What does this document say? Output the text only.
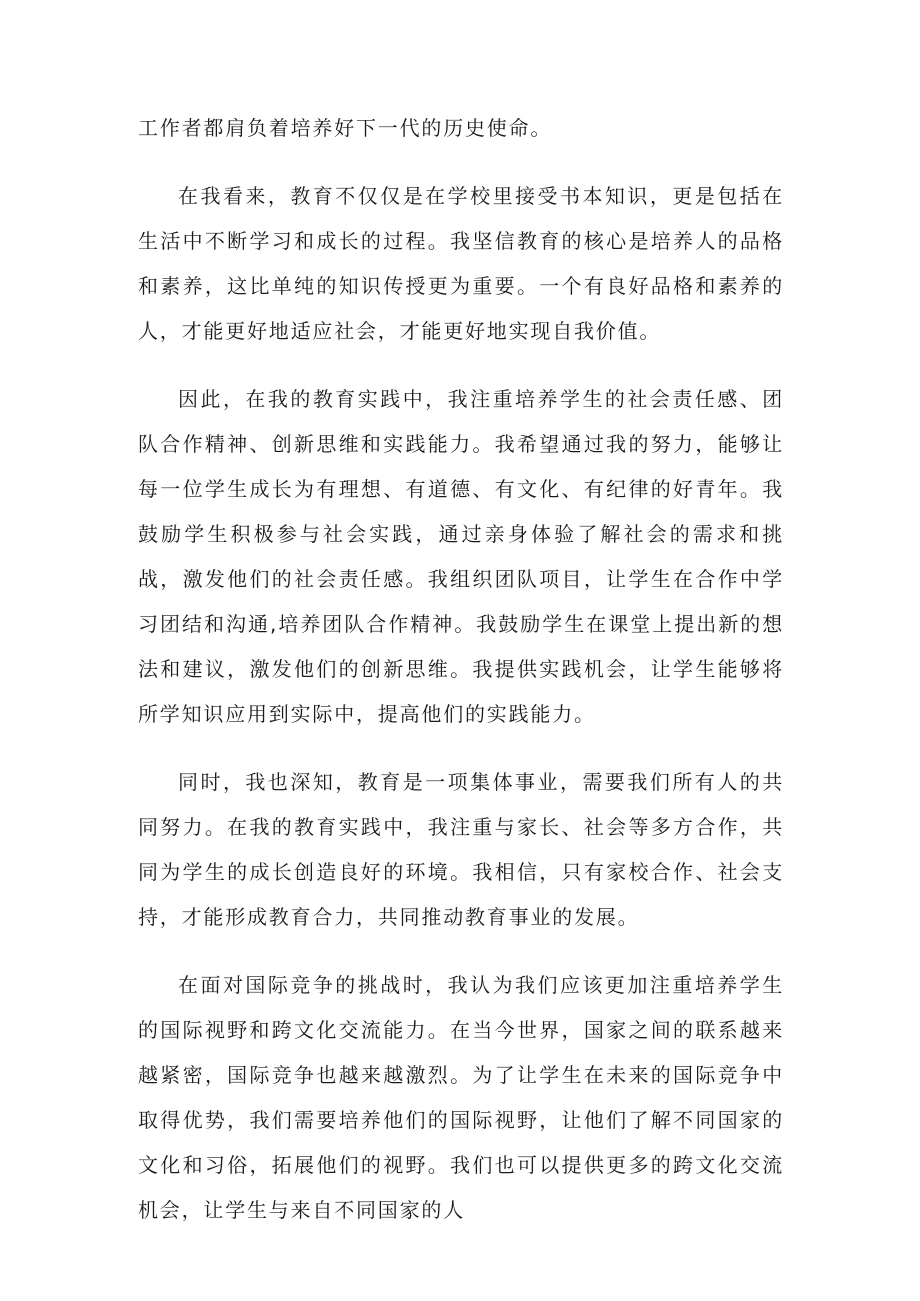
工作者都肩负着培养好下一代的历史使命。

在我看来，教育不仅仅是在学校里接受书本知识，更是包括在生活中不断学习和成长的过程。我坚信教育的核心是培养人的品格和素养，这比单纯的知识传授更为重要。一个有良好品格和素养的人，才能更好地适应社会，才能更好地实现自我价值。

因此，在我的教育实践中，我注重培养学生的社会责任感、团队合作精神、创新思维和实践能力。我希望通过我的努力，能够让每一位学生成长为有理想、有道德、有文化、有纪律的好青年。我鼓励学生积极参与社会实践，通过亲身体验了解社会的需求和挑战，激发他们的社会责任感。我组织团队项目，让学生在合作中学习团结和沟通,培养团队合作精神。我鼓励学生在课堂上提出新的想法和建议，激发他们的创新思维。我提供实践机会，让学生能够将所学知识应用到实际中，提高他们的实践能力。

同时，我也深知，教育是一项集体事业，需要我们所有人的共同努力。在我的教育实践中，我注重与家长、社会等多方合作，共同为学生的成长创造良好的环境。我相信，只有家校合作、社会支持，才能形成教育合力，共同推动教育事业的发展。

在面对国际竞争的挑战时，我认为我们应该更加注重培养学生的国际视野和跨文化交流能力。在当今世界，国家之间的联系越来越紧密，国际竞争也越来越激烈。为了让学生在未来的国际竞争中取得优势，我们需要培养他们的国际视野，让他们了解不同国家的文化和习俗，拓展他们的视野。我们也可以提供更多的跨文化交流机会，让学生与来自不同国家的人
